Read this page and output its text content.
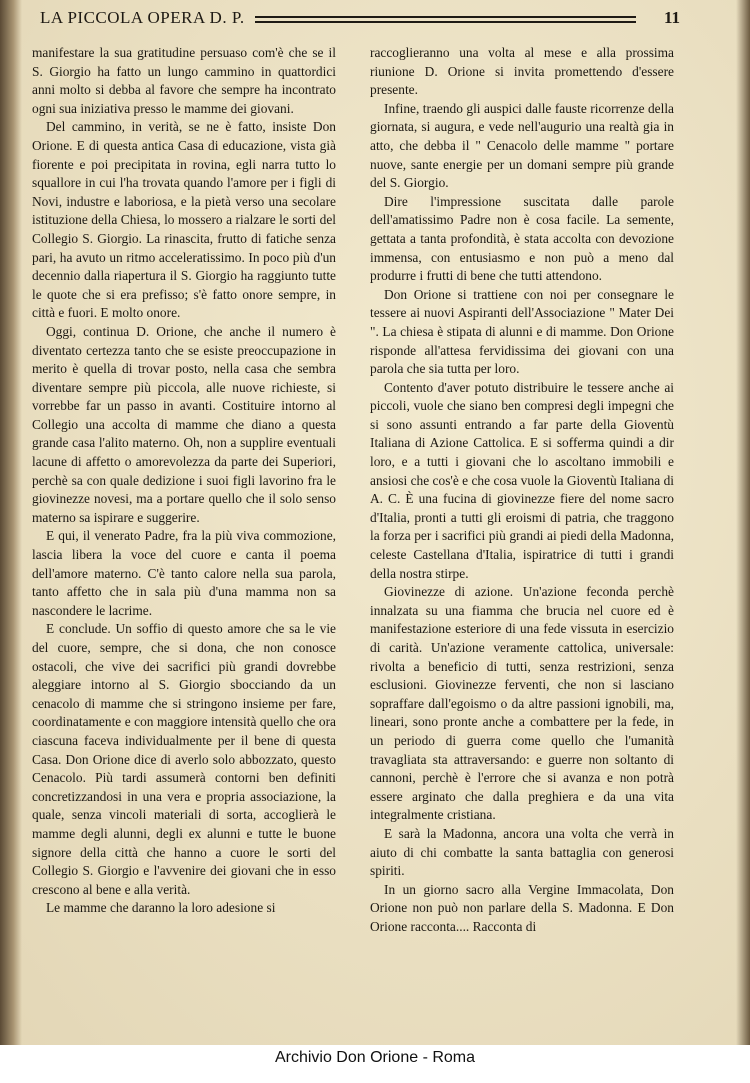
LA PICCOLA OPERA D. P.	11

manifestare la sua gratitudine persuaso com'è che se il S. Giorgio ha fatto un lungo cammino in quattordici anni molto si debba al favore che sempre ha incontrato ogni sua iniziativa presso le mamme dei giovani.

Del cammino, in verità, se ne è fatto, insiste Don Orione. E di questa antica Casa di educazione, vista già fiorente e poi precipitata in rovina, egli narra tutto lo squallore in cui l'ha trovata quando l'amore per i figli di Novi, industre e laboriosa, e la pietà verso una secolare istituzione della Chiesa, lo mossero a rialzare le sorti del Collegio S. Giorgio. La rinascita, frutto di fatiche senza pari, ha avuto un ritmo acceleratissimo. In poco più d'un decennio dalla riapertura il S. Giorgio ha raggiunto tutte le quote che si era prefisso; s'è fatto onore sempre, in città e fuori. E molto onore.

Oggi, continua D. Orione, che anche il numero è diventato certezza tanto che se esiste preoccupazione in merito è quella di trovar posto, nella casa che sembra diventare sempre più piccola, alle nuove richieste, si vorrebbe far un passo in avanti. Costituire intorno al Collegio una accolta di mamme che diano a questa grande casa l'alito materno. Oh, non a supplire eventuali lacune di affetto o amorevolezza da parte dei Superiori, perchè sa con quale dedizione i suoi figli lavorino fra le giovinezze novesi, ma a portare quello che il solo senso materno sa ispirare e suggerire.

E qui, il venerato Padre, fra la più viva commozione, lascia libera la voce del cuore e canta il poema dell'amore materno. C'è tanto calore nella sua parola, tanto affetto che in sala più d'una mamma non sa nascondere le lacrime.

E conclude. Un soffio di questo amore che sa le vie del cuore, sempre, che si dona, che non conosce ostacoli, che vive dei sacrifici più grandi dovrebbe aleggiare intorno al S. Giorgio sbocciando da un cenacolo di mamme che si stringono insieme per fare, coordinatamente e con maggiore intensità quello che ora ciascuna faceva individualmente per il bene di questa Casa. Don Orione dice di averlo solo abbozzato, questo Cenacolo. Più tardi assumerà contorni ben definiti concretizzandosi in una vera e propria associazione, la quale, senza vincoli materiali di sorta, accoglierà le mamme degli alunni, degli ex alunni e tutte le buone signore della città che hanno a cuore le sorti del Collegio S. Giorgio e l'avvenire dei giovani che in esso crescono al bene e alla verità.

Le mamme che daranno la loro adesione si

raccoglieranno una volta al mese e alla prossima riunione D. Orione si invita promettendo d'essere presente.

Infine, traendo gli auspici dalle fauste ricorrenze della giornata, si augura, e vede nell'augurio una realtà gia in atto, che debba il " Cenacolo delle mamme " portare nuove, sante energie per un domani sempre più grande del S. Giorgio.

Dire l'impressione suscitata dalle parole dell'amatissimo Padre non è cosa facile. La semente, gettata a tanta profondità, è stata accolta con devozione immensa, con entusiasmo e non può a meno dal produrre i frutti di bene che tutti attendono.

Don Orione si trattiene con noi per consegnare le tessere ai nuovi Aspiranti dell'Associazione " Mater Dei ". La chiesa è stipata di alunni e di mamme. Don Orione risponde all'attesa fervidissima dei giovani con una parola che sia tutta per loro.

Contento d'aver potuto distribuire le tessere anche ai piccoli, vuole che siano ben compresi degli impegni che si sono assunti entrando a far parte della Gioventù Italiana di Azione Cattolica. E si sofferma quindi a dir loro, e a tutti i giovani che lo ascoltano immobili e ansiosi che cos'è e che cosa vuole la Gioventù Italiana di A. C. È una fucina di giovinezze fiere del nome sacro d'Italia, pronti a tutti gli eroismi di patria, che traggono la forza per i sacrifici più grandi ai piedi della Madonna, celeste Castellana d'Italia, ispiratrice di tutti i grandi della nostra stirpe.

Giovinezze di azione. Un'azione feconda perchè innalzata su una fiamma che brucia nel cuore ed è manifestazione esteriore di una fede vissuta in esercizio di carità. Un'azione veramente cattolica, universale: rivolta a beneficio di tutti, senza restrizioni, senza esclusioni. Giovinezze ferventi, che non si lasciano sopraffare dall'egoismo o da altre passioni ignobili, ma, lineari, sono pronte anche a combattere per la fede, in un periodo di guerra come quello che l'umanità travagliata sta attraversando: e guerre non soltanto di cannoni, perchè è l'errore che si avanza e non potrà essere arginato che dalla preghiera e da una vita integralmente cristiana.

E sarà la Madonna, ancora una volta che verrà in aiuto di chi combatte la santa battaglia con generosi spiriti.

In un giorno sacro alla Vergine Immacolata, Don Orione non può non parlare della S. Madonna. E Don Orione racconta.... Racconta di

Archivio Don Orione - Roma
